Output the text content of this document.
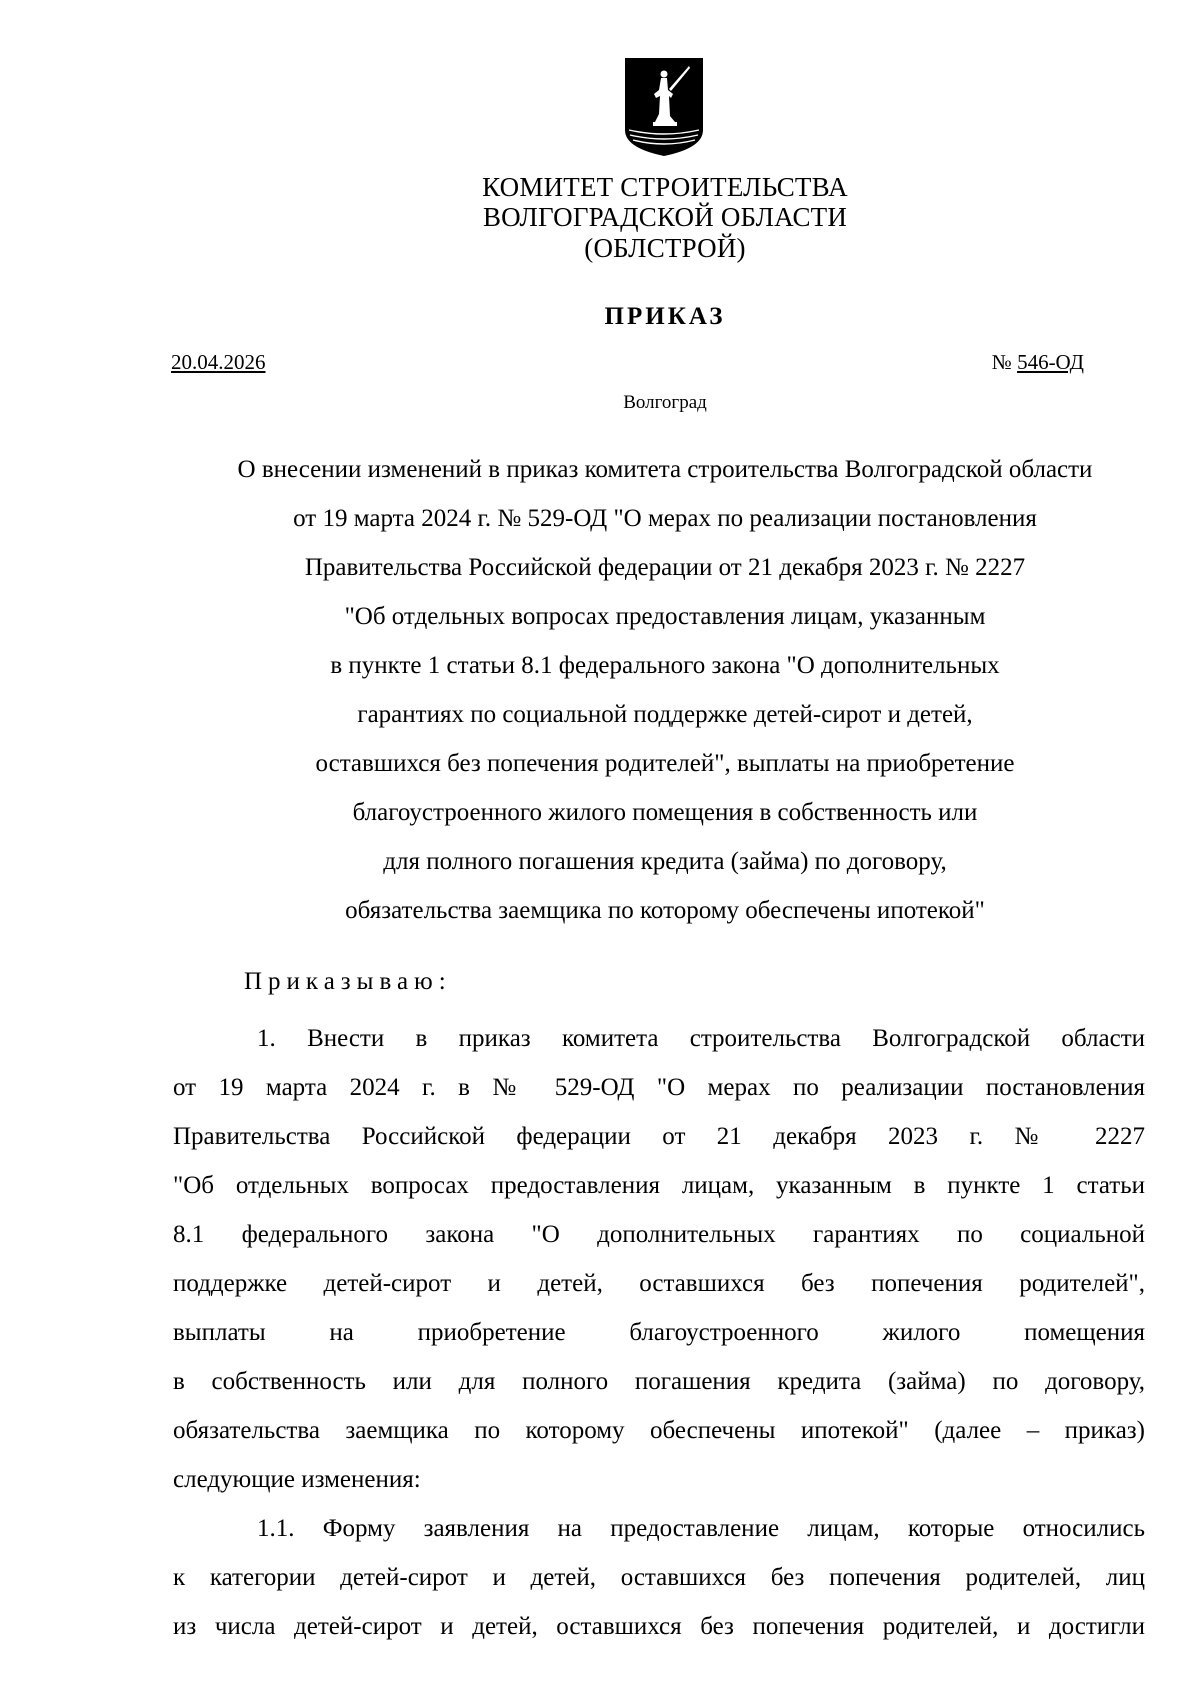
КОМИТЕТ СТРОИТЕЛЬСТВА
ВОЛГОГРАДСКОЙ ОБЛАСТИ
(ОБЛСТРОЙ)
ПРИКАЗ
20.04.2026	№ 546-ОД
Волгоград
О внесении изменений в приказ комитета строительства Волгоградской области
от 19 марта 2024 г. № 529-ОД "О мерах по реализации постановления
Правительства Российской федерации от 21 декабря 2023 г. № 2227
"Об отдельных вопросах предоставления лицам, указанным
в пункте 1 статьи 8.1 федерального закона "О дополнительных
гарантиях по социальной поддержке детей-сирот и детей,
оставшихся без попечения родителей", выплаты на приобретение
благоустроенного жилого помещения в собственность или
для полного погашения кредита (займа) по договору,
обязательства заемщика по которому обеспечены ипотекой"
Приказываю:
1. Внести в приказ комитета строительства Волгоградской области
от 19 марта 2024 г. в № 529-ОД "О мерах по реализации постановления
Правительства Российской федерации от 21 декабря 2023 г. № 2227
"Об отдельных вопросах предоставления лицам, указанным в пункте 1 статьи
8.1 федерального закона "О дополнительных гарантиях по социальной
поддержке детей-сирот и детей, оставшихся без попечения родителей",
выплаты на приобретение благоустроенного жилого помещения
в собственность или для полного погашения кредита (займа) по договору,
обязательства заемщика по которому обеспечены ипотекой" (далее – приказ)
следующие изменения:
1.1. Форму заявления на предоставление лицам, которые относились
к категории детей-сирот и детей, оставшихся без попечения родителей, лиц
из числа детей-сирот и детей, оставшихся без попечения родителей, и достигли
